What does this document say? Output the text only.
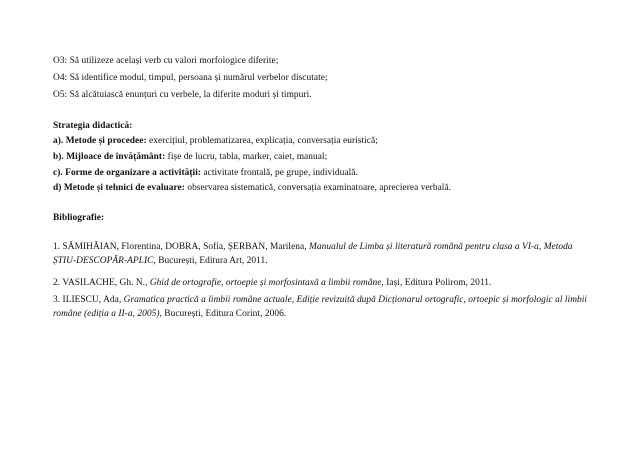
O3: Să utilizeze același verb cu valori morfologice diferite;
O4: Să identifice modul, timpul, persoana și numărul verbelor discutate;
O5: Să alcătuiască enunțuri cu verbele, la diferite moduri și timpuri.
Strategia didactică:
a). Metode și procedee: exercițiul, problematizarea, explicația, conversația euristică;
b). Mijloace de învățământ: fișe de lucru, tabla, marker, caiet, manual;
c). Forme de organizare a activității: activitate frontală, pe grupe, individuală.
d) Metode și tehnici de evaluare: observarea sistematică, conversația examinatoare, aprecierea verbală.
Bibliografie:
1. SĂMIHĂIAN, Florentina, DOBRA, Sofia, ȘERBAN, Marilena, Manualul de Limba și literatură română pentru clasa a VI-a, Metoda ȘTIU-DESCOPĂR-APLIC, București, Editura Art, 2011.
2. VASILACHE, Gh. N., Ghid de ortografie, ortoepie și morfosintaxă a limbii române, Iași, Editura Polirom, 2011.
3. ILIESCU, Ada, Gramatica practică a limbii române actuale, Ediție revizuită după Dicționarul ortografic, ortoepic și morfologic al limbii române (ediția a II-a, 2005), București, Editura Corint, 2006.
